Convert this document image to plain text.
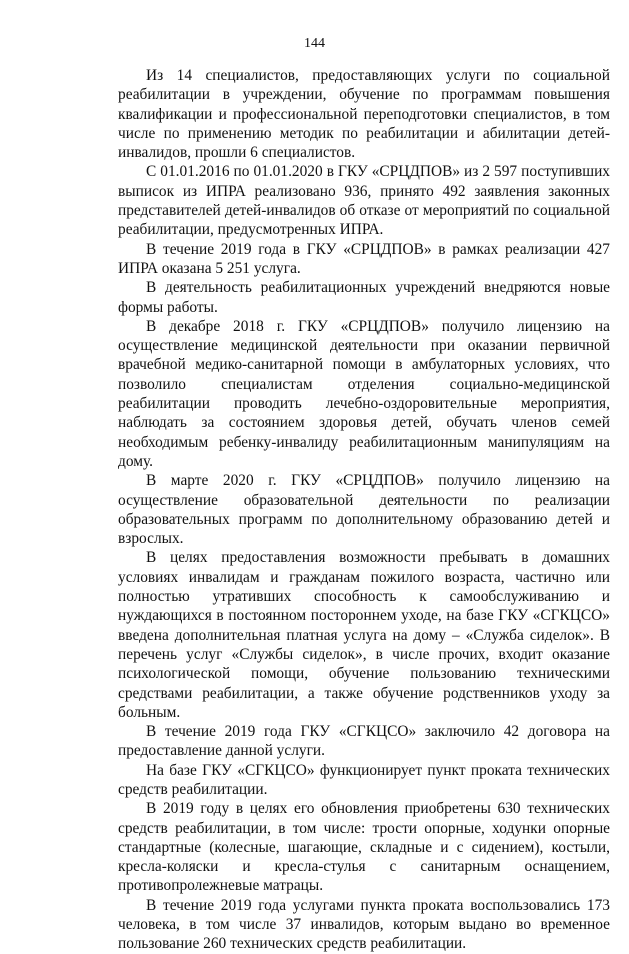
144

Из 14 специалистов, предоставляющих услуги по социальной реабилитации в учреждении, обучение по программам повышения квалификации и профессиональной переподготовки специалистов, в том числе по применению методик по реабилитации и абилитации детей-инвалидов, прошли 6 специалистов.

С 01.01.2016 по 01.01.2020 в ГКУ «СРЦДПОВ» из 2 597 поступивших выписок из ИПРА реализовано 936, принято 492 заявления законных представителей детей-инвалидов об отказе от мероприятий по социальной реабилитации, предусмотренных ИПРА.

В течение 2019 года в ГКУ «СРЦДПОВ» в рамках реализации 427 ИПРА оказана 5 251 услуга.

В деятельность реабилитационных учреждений внедряются новые формы работы.

В декабре 2018 г. ГКУ «СРЦДПОВ» получило лицензию на осуществление медицинской деятельности при оказании первичной врачебной медико-санитарной помощи в амбулаторных условиях, что позволило специалистам отделения социально-медицинской реабилитации проводить лечебно-оздоровительные мероприятия, наблюдать за состоянием здоровья детей, обучать членов семей необходимым ребенку-инвалиду реабилитационным манипуляциям на дому.

В марте 2020 г. ГКУ «СРЦДПОВ» получило лицензию на осуществление образовательной деятельности по реализации образовательных программ по дополнительному образованию детей и взрослых.

В целях предоставления возможности пребывать в домашних условиях инвалидам и гражданам пожилого возраста, частично или полностью утративших способность к самообслуживанию и нуждающихся в постоянном постороннем уходе, на базе ГКУ «СГКЦСО» введена дополнительная платная услуга на дому – «Служба сиделок». В перечень услуг «Службы сиделок», в числе прочих, входит оказание психологической помощи, обучение пользованию техническими средствами реабилитации, а также обучение родственников уходу за больным.

В течение 2019 года ГКУ «СГКЦСО» заключило 42 договора на предоставление данной услуги.

На базе ГКУ «СГКЦСО» функционирует пункт проката технических средств реабилитации.

В 2019 году в целях его обновления приобретены 630 технических средств реабилитации, в том числе: трости опорные, ходунки опорные стандартные (колесные, шагающие, складные и с сидением), костыли, кресла-коляски и кресла-стулья с санитарным оснащением, противопролежневые матрацы.

В течение 2019 года услугами пункта проката воспользовались 173 человека, в том числе 37 инвалидов, которым выдано во временное пользование 260 технических средств реабилитации.
